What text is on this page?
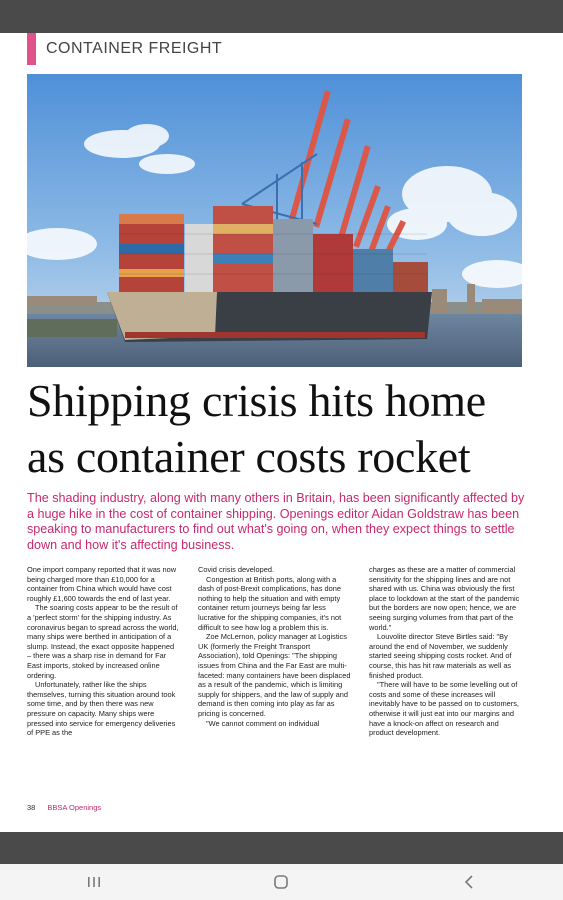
CONTAINER FREIGHT
Shipping crisis hits home
as container costs rocket

The shading industry, along with many others in Britain, has been significantly affected by a huge hike in the cost of container shipping. Openings editor Aidan Goldstraw has been speaking to manufacturers to find out what's going on, when they expect things to settle down and how it's affecting business.

One import company reported that it was now being charged more than £10,000 for a container from China which would have cost roughly £1,600 towards the end of last year.

The soaring costs appear to be the result of a 'perfect storm' for the shipping industry. As coronavirus began to spread across the world, many ships were berthed in anticipation of a slump. Instead, the exact opposite happened – there was a sharp rise in demand for Far East imports, stoked by increased online ordering.

Unfortunately, rather like the ships themselves, turning this situation around took some time, and by then there was new pressure on capacity. Many ships were pressed into service for emergency deliveries of PPE as the

Covid crisis developed.

Congestion at British ports, along with a dash of post-Brexit complications, has done nothing to help the situation and with empty container return journeys being far less lucrative for the shipping companies, it's not difficult to see how log a problem this is.

Zoe McLernon, policy manager at Logistics UK (formerly the Freight Transport Association), told Openings: "The shipping issues from China and the Far East are multi-faceted: many containers have been displaced as a result of the pandemic, which is limiting supply for shippers, and the law of supply and demand is then coming into play as far as pricing is concerned.

"We cannot comment on individual

charges as these are a matter of commercial sensitivity for the shipping lines and are not shared with us. China was obviously the first place to lockdown at the start of the pandemic but the borders are now open; hence, we are seeing surging volumes from that part of the world."

Louvolite director Steve Birtles said: "By around the end of November, we suddenly started seeing shipping costs rocket. And of course, this has hit raw materials as well as finished product.

"There will have to be some levelling out of costs and some of these increases will inevitably have to be passed on to customers, otherwise it will just eat into our margins and have a knock-on affect on research and product development.

38 BBSA Openings
